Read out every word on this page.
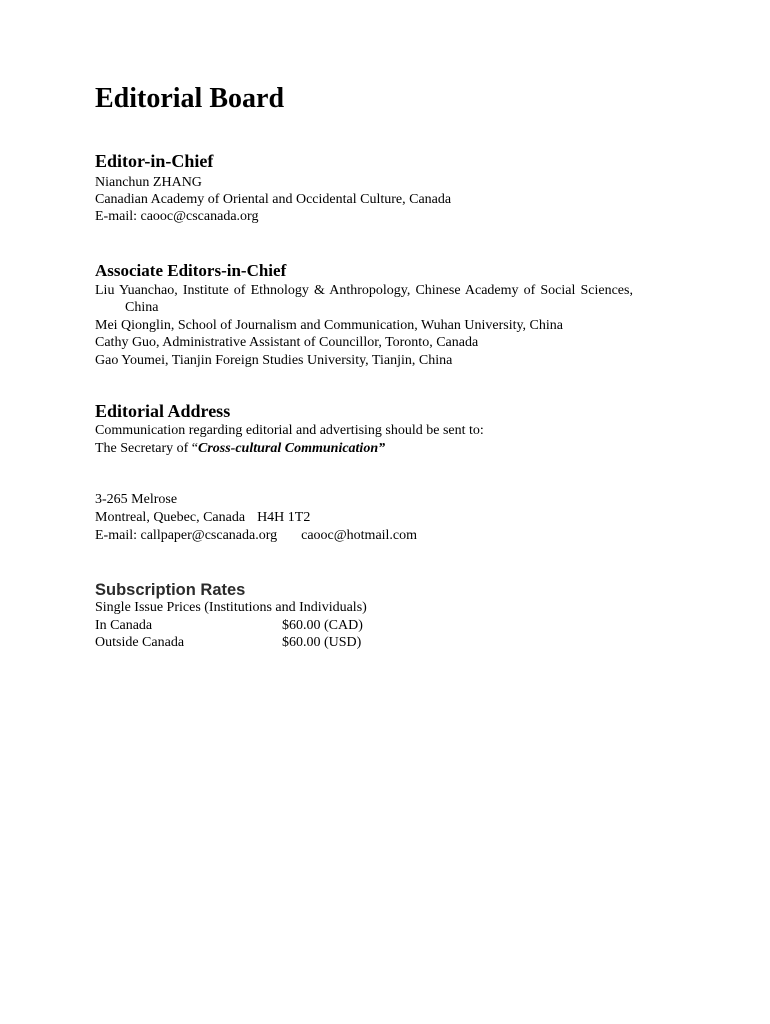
Editorial Board
Editor-in-Chief
Nianchun ZHANG
Canadian Academy of Oriental and Occidental Culture, Canada
E-mail: caooc@cscanada.org
Associate Editors-in-Chief
Liu Yuanchao, Institute of Ethnology & Anthropology, Chinese Academy of Social Sciences,
China
Mei Qionglin, School of Journalism and Communication, Wuhan University, China
Cathy Guo, Administrative Assistant of Councillor, Toronto, Canada
Gao Youmei, Tianjin Foreign Studies University, Tianjin, China
Editorial Address
Communication regarding editorial and advertising should be sent to:
The Secretary of “Cross-cultural Communication”
3-265 Melrose
Montreal, Quebec, Canada H4H 1T2
E-mail: callpaper@cscanada.org caooc@hotmail.com
Subscription Rates
Single Issue Prices (Institutions and Individuals)
In Canada	$60.00 (CAD)
Outside Canada	$60.00 (USD)
